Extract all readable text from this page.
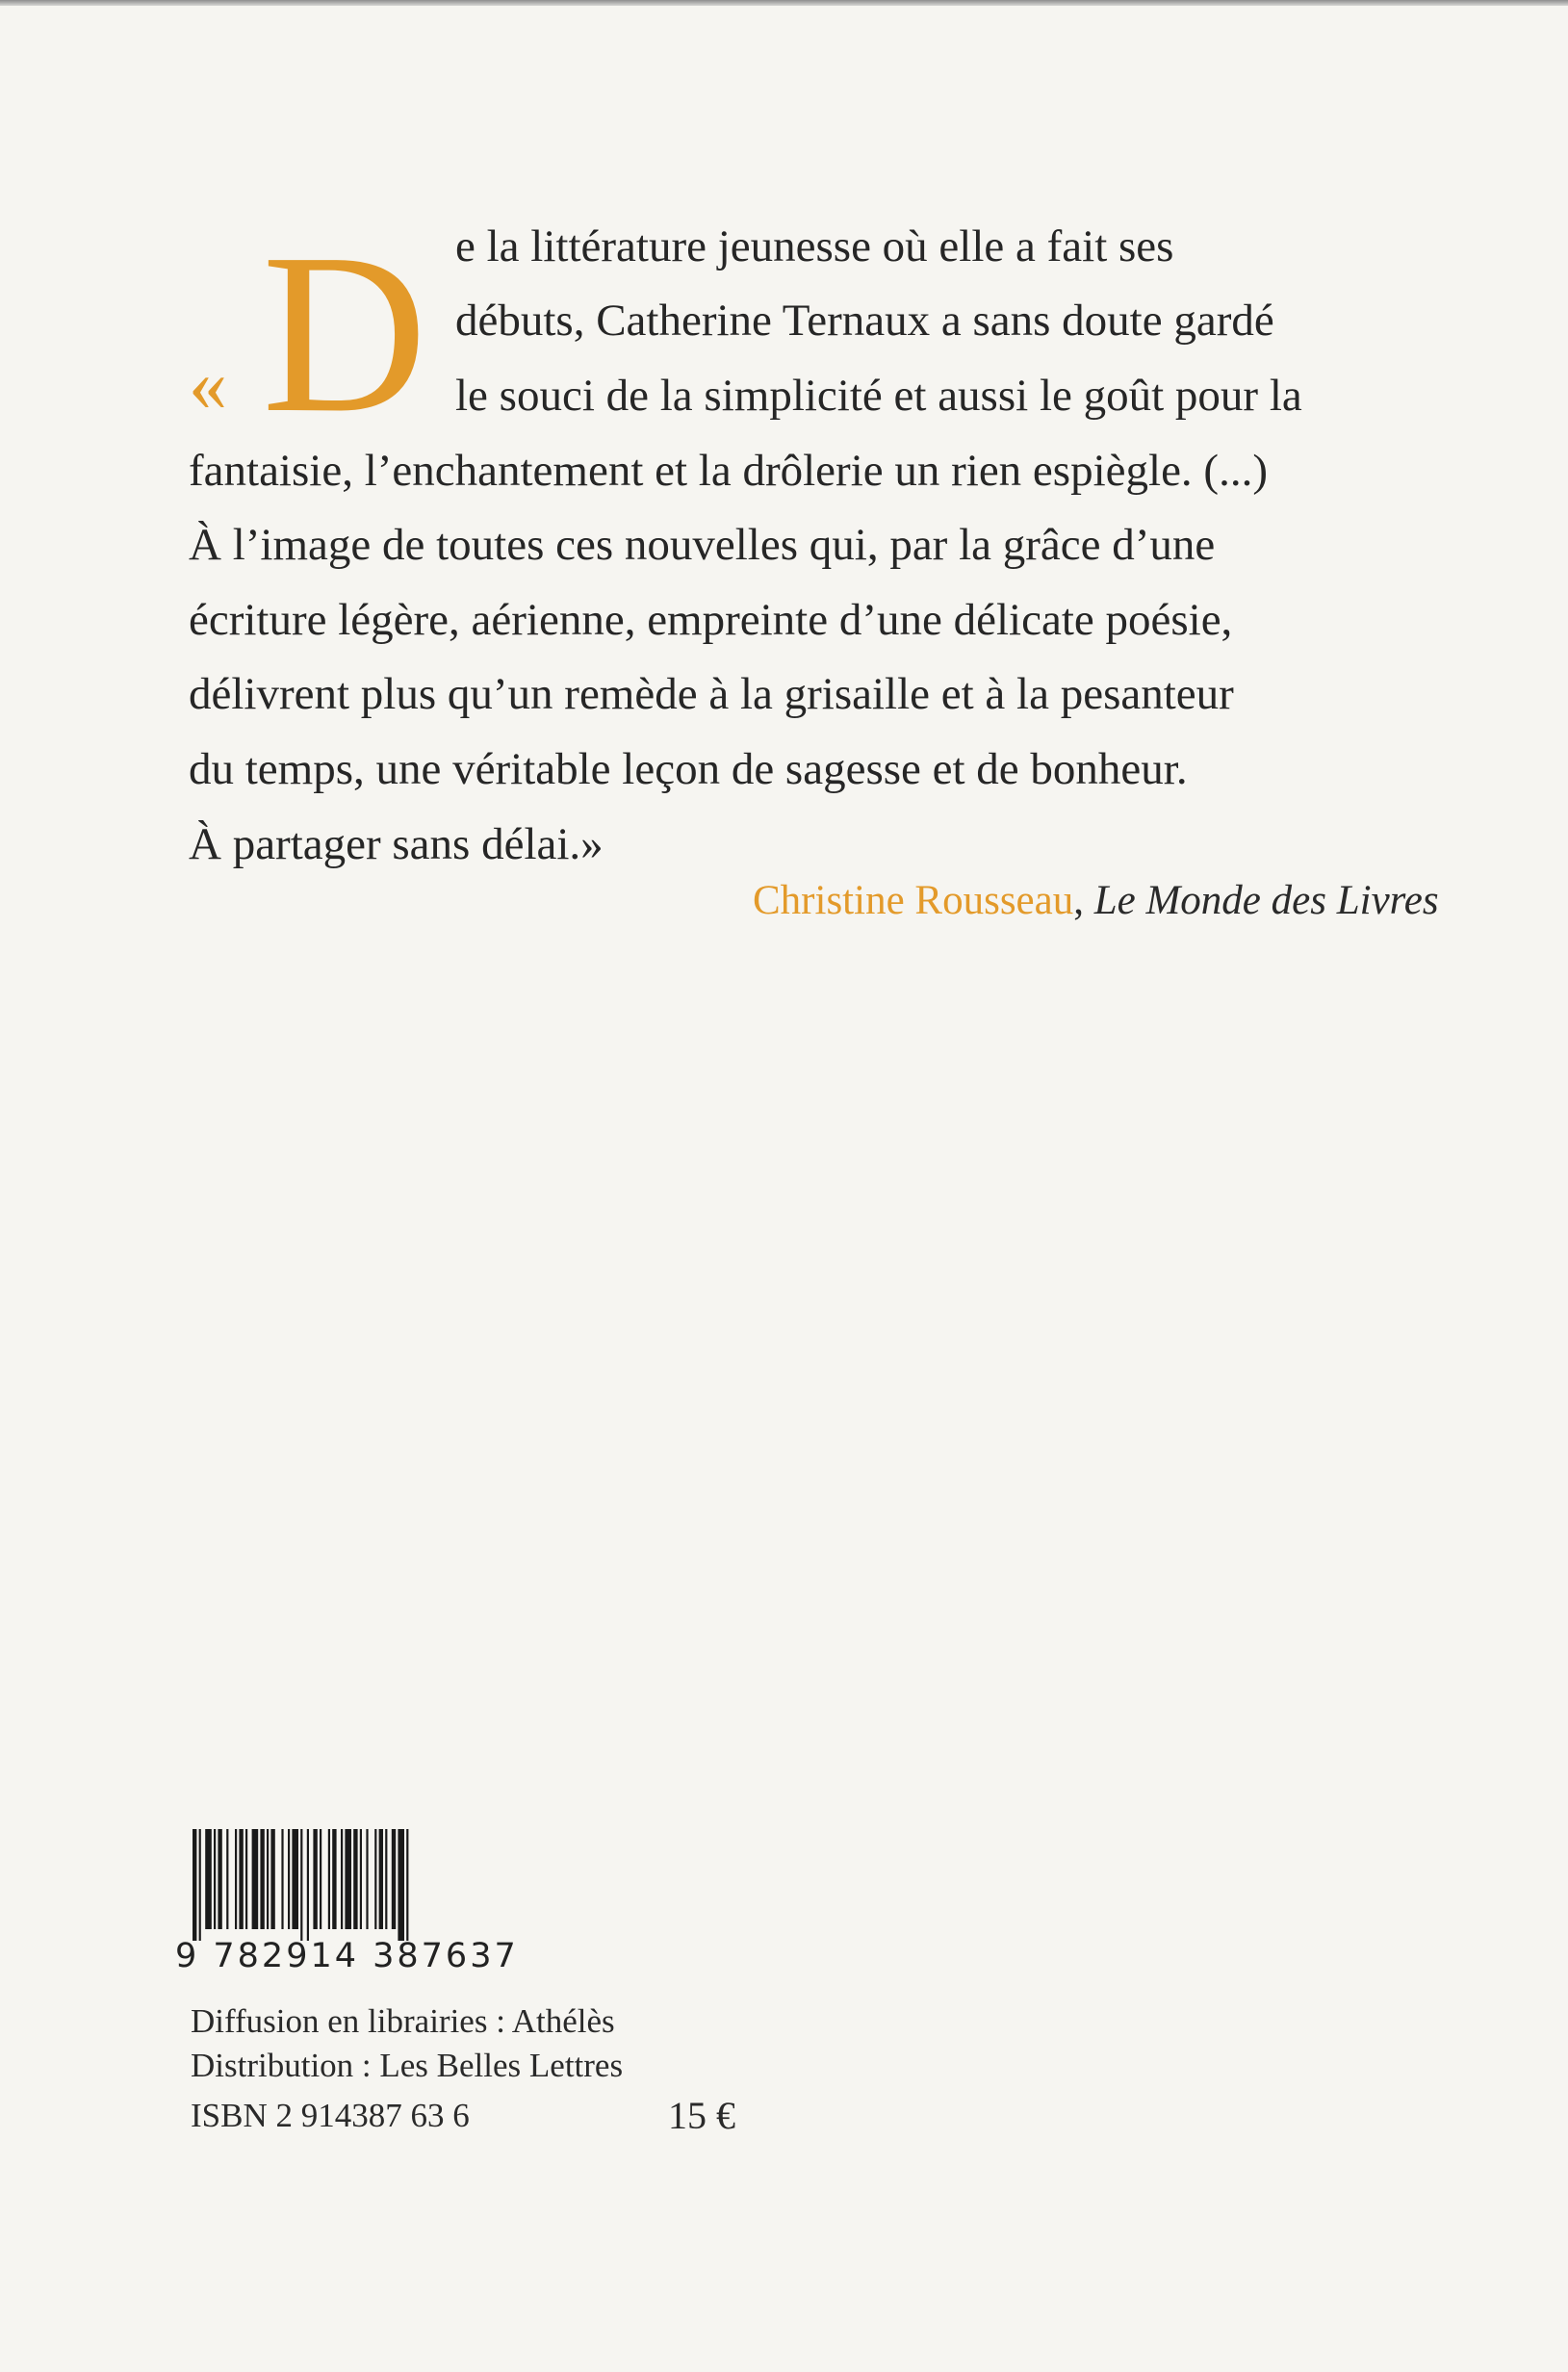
« D e la littérature jeunesse où elle a fait ses
débuts, Catherine Ternaux a sans doute gardé
le souci de la simplicité et aussi le goût pour la
fantaisie, l’enchantement et la drôlerie un rien espiègle. (...)
À l’image de toutes ces nouvelles qui, par la grâce d’une
écriture légère, aérienne, empreinte d’une délicate poésie,
délivrent plus qu’un remède à la grisaille et à la pesanteur
du temps, une véritable leçon de sagesse et de bonheur.
À partager sans délai.»
Christine Rousseau, Le Monde des Livres
9 782914 387637
Diffusion en librairies : Athélès
Distribution : Les Belles Lettres
ISBN 2 914387 63 6	15 €
